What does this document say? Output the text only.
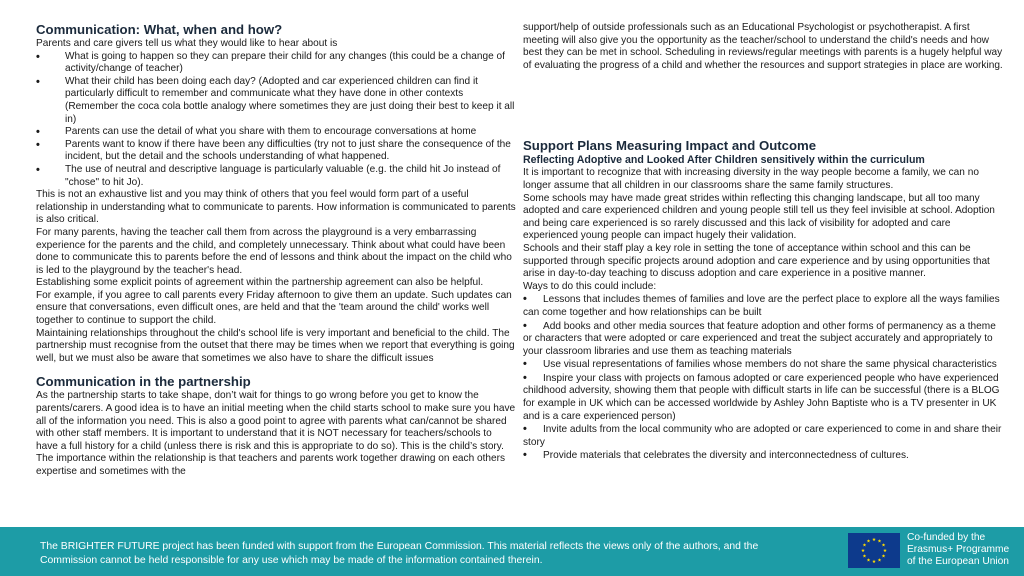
Communication: What, when and how?
Parents and care givers tell us what they would like to hear about is
• What is going to happen so they can prepare their child for any changes (this could be a change of activity/change of teacher)
• What their child has been doing each day? (Adopted and car experienced children can find it particularly difficult to remember and communicate what they have done in other contexts (Remember the coca cola bottle analogy where sometimes they are just doing their best to keep it all in)
• Parents can use the detail of what you share with them to encourage conversations at home
• Parents want to know if there have been any difficulties (try not to just share the consequence of the incident, but the detail and the schools understanding of what happened.
• The use of neutral and descriptive language is particularly valuable (e.g. the child hit Jo instead of "chose" to hit Jo).
This is not an exhaustive list and you may think of others that you feel would form part of a useful relationship in understanding what to communicate to parents. How information is communicated to parents is also critical.
For many parents, having the teacher call them from across the playground is a very embarrassing experience for the parents and the child, and completely unnecessary. Think about what could have been done to communicate this to parents before the end of lessons and think about the impact on the child who is led to the playground by the teacher's head.
Establishing some explicit points of agreement within the partnership agreement can also be helpful.
For example, if you agree to call parents every Friday afternoon to give them an update. Such updates can ensure that conversations, even difficult ones, are held and that the 'team around the child' works well together to continue to support the child.
Maintaining relationships throughout the child's school life is very important and beneficial to the child. The partnership must recognise from the outset that there may be times when we report that everything is going well, but we must also be aware that sometimes we also have to share the difficult issues
Communication in the partnership
As the partnership starts to take shape, don’t wait for things to go wrong before you get to know the parents/carers. A good idea is to have an initial meeting when the child starts school to make sure you have all of the information you need. This is also a good point to agree with parents what can/cannot be shared with other staff members. It is important to understand that it is NOT necessary for teachers/schools to have a full history for a child (unless there is risk and this is appropriate to do so). This is the child’s story. The importance within the relationship is that teachers and parents work together drawing on each others expertise and sometimes with the
support/help of outside professionals such as an Educational Psychologist or psychotherapist. A first meeting will also give you the opportunity as the teacher/school to understand the child's needs and how best they can be met in school. Scheduling in reviews/regular meetings with parents is a hugely helpful way of evaluating the progress of a child and whether the resources and support strategies in place are working.
Support Plans Measuring Impact and Outcome
Reflecting Adoptive and Looked After Children sensitively within the curriculum
It is important to recognize that with increasing diversity in the way people become a family, we can no longer assume that all children in our classrooms share the same family structures.
Some schools may have made great strides within reflecting this changing landscape, but all too many adopted and care experienced children and young people still tell us they feel invisible at school. Adoption and being care experienced is so rarely discussed and this lack of visibility for adopted and care experienced young people can impact hugely their validation.
Schools and their staff play a key role in setting the tone of acceptance within school and this can be supported through specific projects around adoption and care experience and by using opportunities that arise in day-to-day teaching to discuss adoption and care experience in a positive manner.
Ways to do this could include:
• Lessons that includes themes of families and love are the perfect place to explore all the ways families can come together and how relationships can be built
• Add books and other media sources that feature adoption and other forms of permanency as a theme or characters that were adopted or care experienced and treat the subject accurately and appropriately to your classroom libraries and use them as teaching materials
• Use visual representations of families whose members do not share the same physical characteristics
• Inspire your class with projects on famous adopted or care experienced people who have experienced childhood adversity, showing them that people with difficult starts in life can be successful (there is a BLOG for example in UK which can be accessed worldwide by Ashley John Baptiste who is a TV presenter in UK and is a care experienced person)
• Invite adults from the local community who are adopted or care experienced to come in and share their story
• Provide materials that celebrates the diversity and interconnectedness of cultures.
The BRIGHTER FUTURE project has been funded with support from the European Commission. This material reflects the views only of the authors, and the Commission cannot be held responsible for any use which may be made of the information contained therein.
Co-funded by the
Erasmus+ Programme
of the European Union
